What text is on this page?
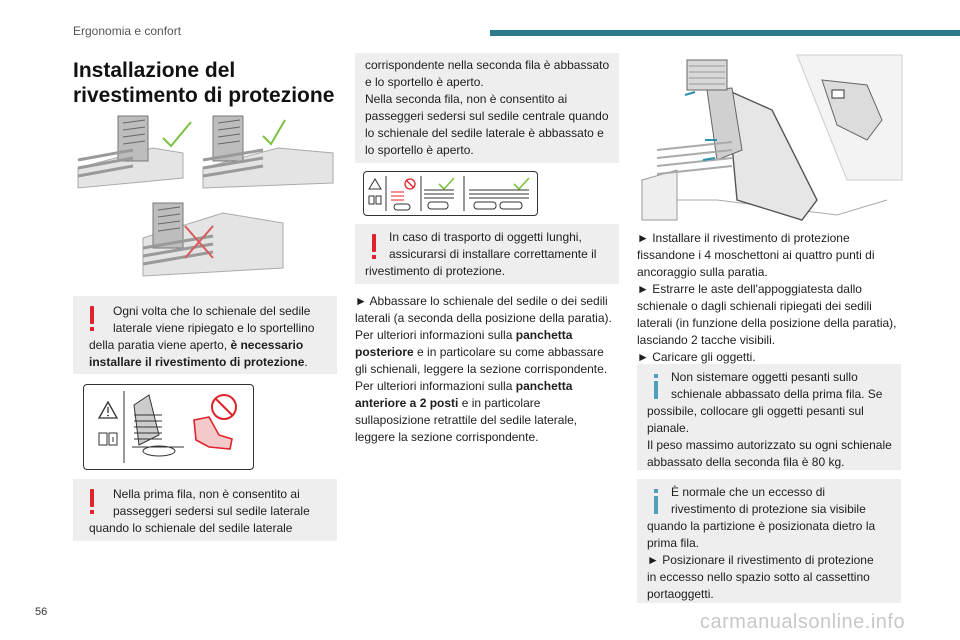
Ergonomia e confort
Installazione del
rivestimento di protezione

Ogni volta che lo schienale del sedile

laterale viene ripiegato e lo sportellino

della paratia viene aperto, è necessario

installare il rivestimento di protezione.

Nella prima fila, non è consentito ai

passeggeri sedersi sul sedile laterale

quando lo schienale del sedile laterale

corrispondente nella seconda fila è abbassato

e lo sportello è aperto.

Nella seconda fila, non è consentito ai

passeggeri sedersi sul sedile centrale quando

lo schienale del sedile laterale è abbassato e

lo sportello è aperto.

In caso di trasporto di oggetti lunghi,

assicurarsi di installare correttamente il

rivestimento di protezione.

► Abbassare lo schienale del sedile o dei sedili

laterali (a seconda della posizione della paratia).

Per ulteriori informazioni sulla panchetta

posteriore e in particolare su come abbassare

gli schienali, leggere la sezione corrispondente.

Per ulteriori informazioni sulla panchetta

anteriore a 2 posti e in particolare

sullaposizione retrattile del sedile laterale,

leggere la sezione corrispondente.

► Installare il rivestimento di protezione

fissandone i 4 moschettoni ai quattro punti di

ancoraggio sulla paratia.

► Estrarre le aste dell'appoggiatesta dallo

schienale o dagli schienali ripiegati dei sedili

laterali (in funzione della posizione della paratia),

lasciando 2 tacche visibili.

► Caricare gli oggetti.

Non sistemare oggetti pesanti sullo

schienale abbassato della prima fila. Se

possibile, collocare gli oggetti pesanti sul

pianale.

Il peso massimo autorizzato su ogni schienale

abbassato della seconda fila è 80 kg.

È normale che un eccesso di

rivestimento di protezione sia visibile

quando la partizione è posizionata dietro la

prima fila.

► Posizionare il rivestimento di protezione

in eccesso nello spazio sotto al cassettino

portaoggetti.

56	carmanualsonline.info
